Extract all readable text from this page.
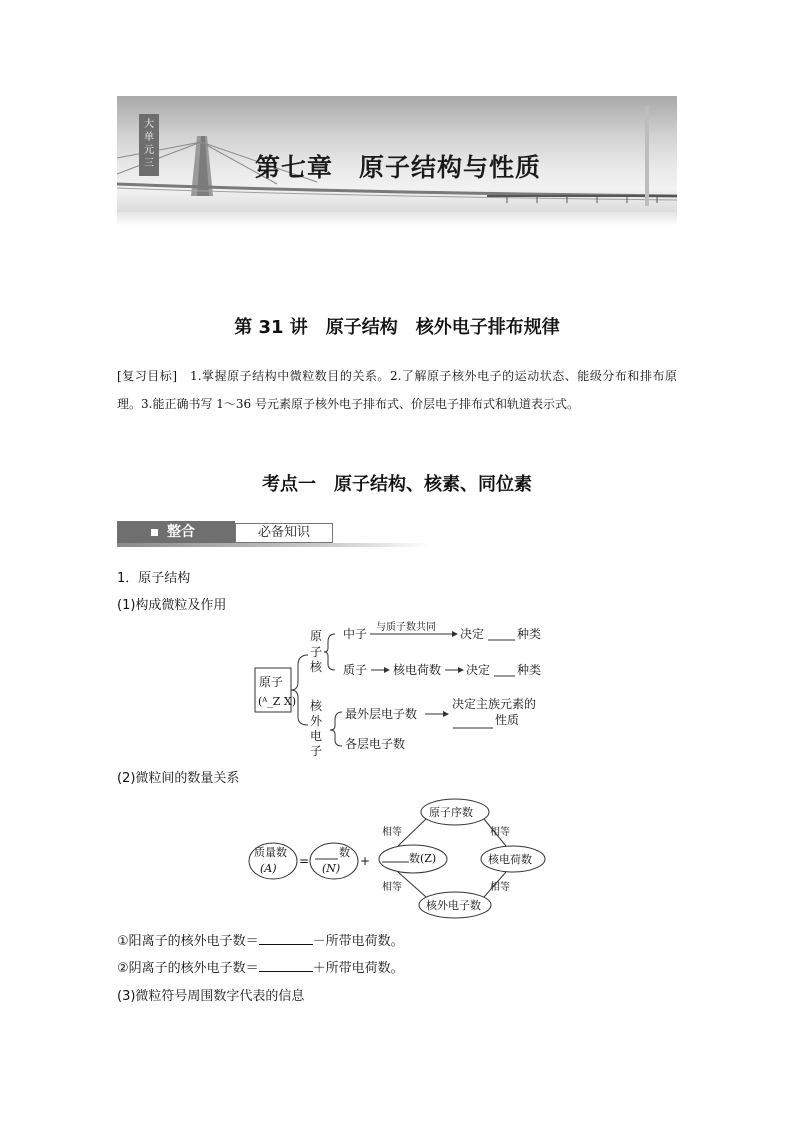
大
单
元
三	第七章　原子结构与性质
第 31 讲　原子结构　核外电子排布规律
[复习目标]　1.掌握原子结构中微粒数目的关系。2.了解原子核外电子的运动状态、能级分布和排布原理。3.能正确书写 1～36 号元素原子核外电子排布式、价层电子排布式和轨道表示式。
考点一　原子结构、核素、同位素
整合	必备知识
1．原子结构
(1)构成微粒及作用
原子
(ᴬ_Z X)
原
子
核
中子 与质子数共同 决定	种类
质子 核电荷数 决定 种类
核
外
电
子
最外层电子数
决定主族元素的
性质
各层电子数
(2)微粒间的数量关系
质量数
(A)
=
数
(N)
+	数(Z)
原子序数
核电荷数
核外电子数
相等	相等
相等	相等
①阳离子的核外电子数＝	－所带电荷数。
②阴离子的核外电子数＝	＋所带电荷数。
(3)微粒符号周围数字代表的信息
